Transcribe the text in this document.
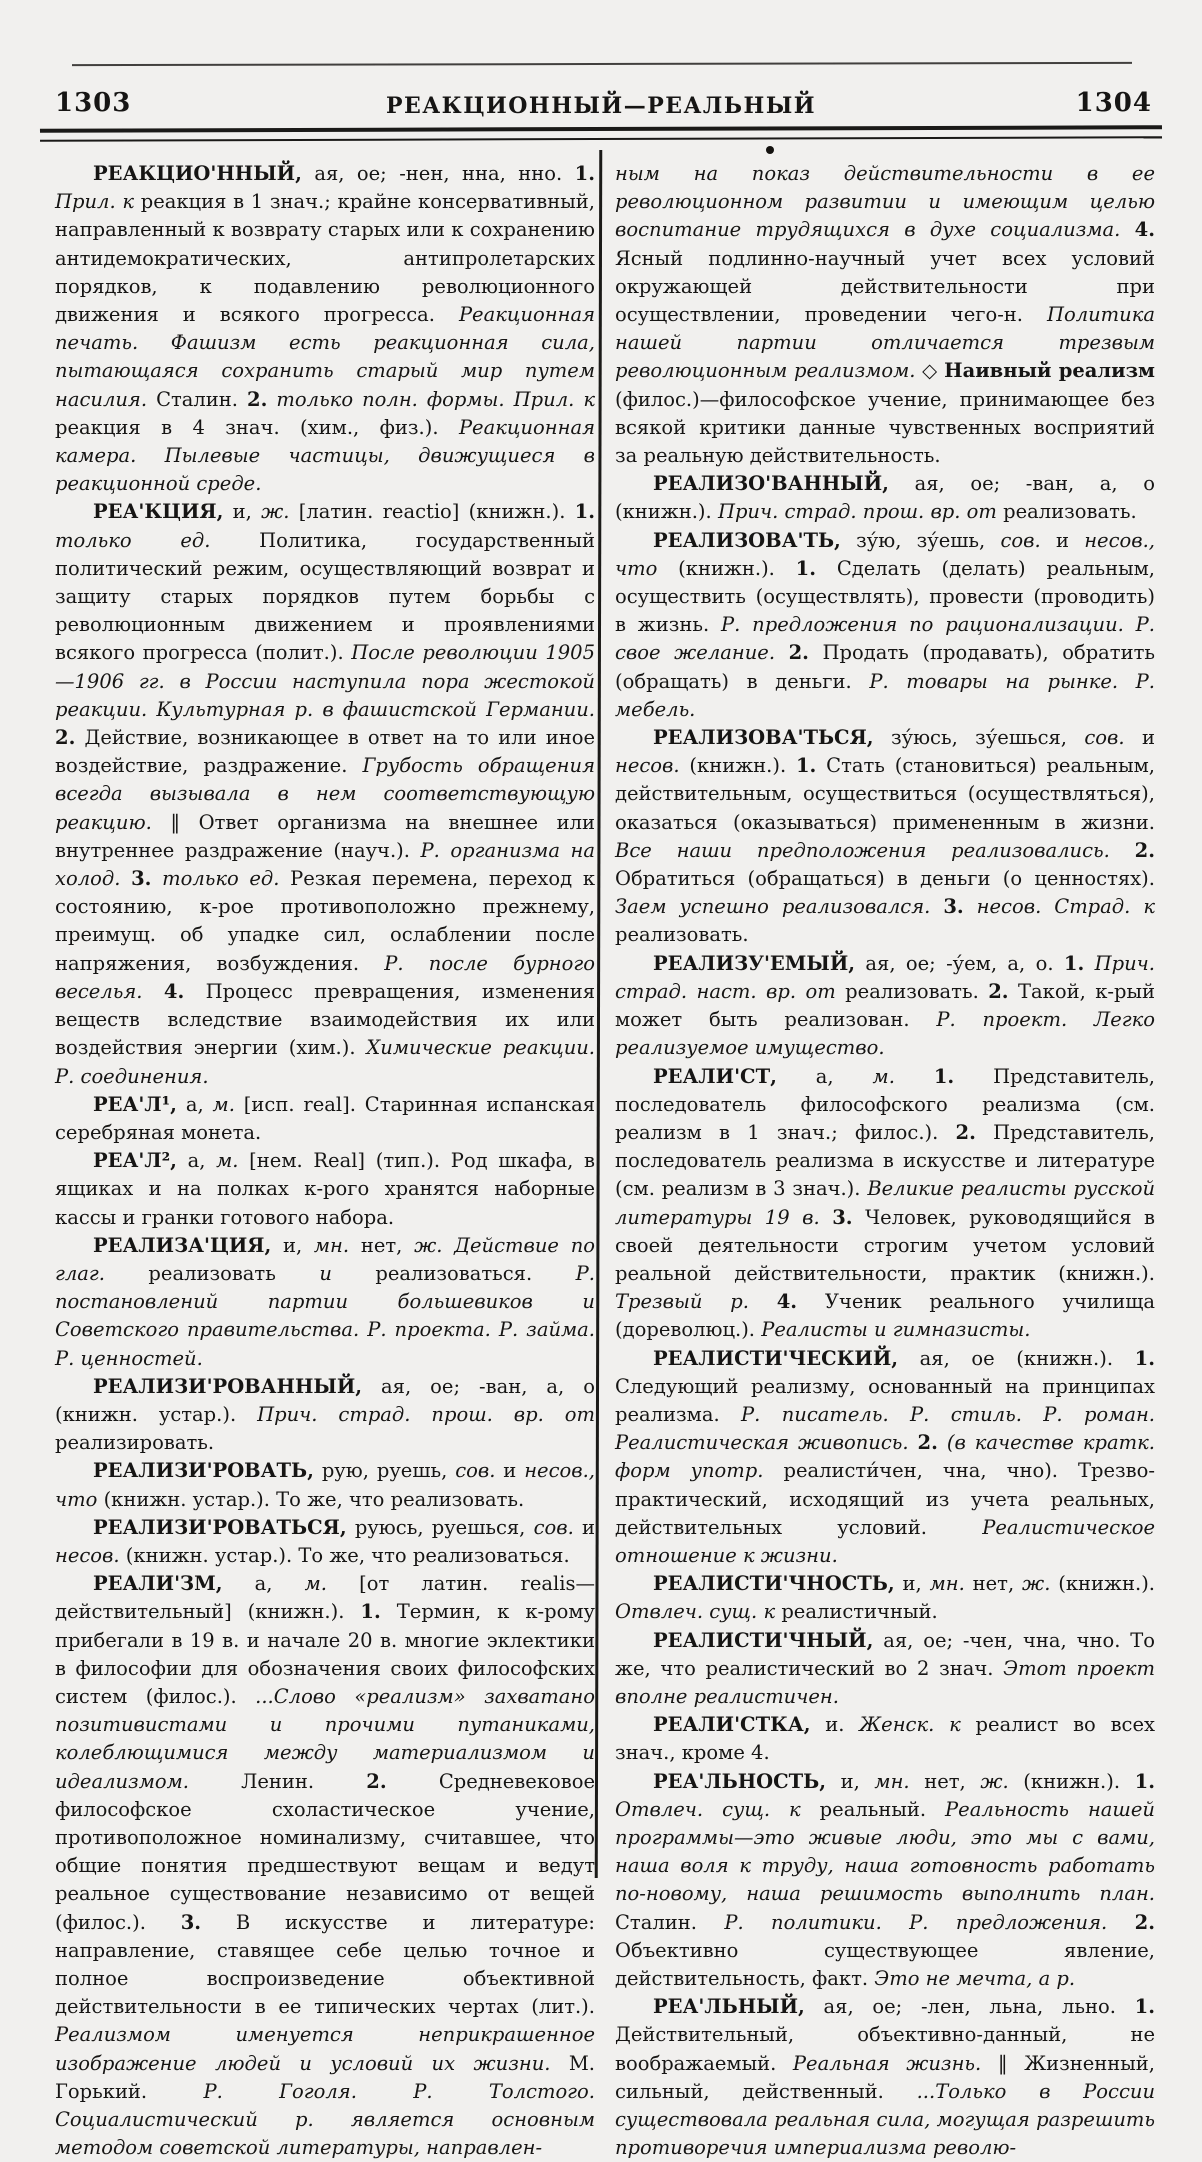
1303	РЕАКЦИОННЫЙ—РЕАЛЬНЫЙ	1304

РЕАКЦИО'ННЫЙ, ая, ое; -нен, нна, нно. 1. Прил. к реакция в 1 знач.; крайне консервативный, направленный к возврату старых или к сохранению антидемократических, антипролетарских порядков, к подавлению революционного движения и всякого прогресса. Реакционная печать. Фашизм есть реакционная сила, пытающаяся сохранить старый мир путем насилия. Сталин. 2. только полн. формы. Прил. к реакция в 4 знач. (хим., физ.). Реакционная камера. Пылевые частицы, движущиеся в реакционной среде.

РЕА'КЦИЯ, и, ж. [латин. reactio] (книжн.). 1. только ед. Политика, государственный политический режим, осуществляющий возврат и защиту старых порядков путем борьбы с революционным движением и проявлениями всякого прогресса (полит.). После революции 1905—1906 гг. в России наступила пора жестокой реакции. Культурная р. в фашистской Германии. 2. Действие, возникающее в ответ на то или иное воздействие, раздражение. Грубость обращения всегда вызывала в нем соответствующую реакцию. ‖ Ответ организма на внешнее или внутреннее раздражение (науч.). Р. организма на холод. 3. только ед. Резкая перемена, переход к состоянию, к-рое противоположно прежнему, преимущ. об упадке сил, ослаблении после напряжения, возбуждения. Р. после бурного веселья. 4. Процесс превращения, изменения веществ вследствие взаимодействия их или воздействия энергии (хим.). Химические реакции. Р. соединения.

РЕА'Л¹, а, м. [исп. real]. Старинная испанская серебряная монета.

РЕА'Л², а, м. [нем. Real] (тип.). Род шкафа, в ящиках и на полках к-рого хранятся наборные кассы и гранки готового набора.

РЕАЛИЗА'ЦИЯ, и, мн. нет, ж. Действие по глаг. реализовать и реализоваться. Р. постановлений партии большевиков и Советского правительства. Р. проекта. Р. займа. Р. ценностей.

РЕАЛИЗИ'РОВАННЫЙ, ая, ое; -ван, а, о (книжн. устар.). Прич. страд. прош. вр. от реализировать.

РЕАЛИЗИ'РОВАТЬ, рую, руешь, сов. и несов., что (книжн. устар.). То же, что реализовать.

РЕАЛИЗИ'РОВАТЬСЯ, руюсь, руешься, сов. и несов. (книжн. устар.). То же, что реализоваться.

РЕАЛИ'ЗМ, а, м. [от латин. realis—действительный] (книжн.). 1. Термин, к к-рому прибегали в 19 в. и начале 20 в. многие эклектики в философии для обозначения своих философских систем (филос.). ...Слово «реализм» захватано позитивистами и прочими путаниками, колеблющимися между материализмом и идеализмом. Ленин. 2. Средневековое философское схоластическое учение, противоположное номинализму, считавшее, что общие понятия предшествуют вещам и ведут реальное существование независимо от вещей (филос.). 3. В искусстве и литературе: направление, ставящее себе целью точное и полное воспроизведение объективной действительности в ее типических чертах (лит.). Реализмом именуется неприкрашенное изображение людей и условий их жизни. М. Горький. Р. Гоголя. Р. Толстого. Социалистический р. является основным методом советской литературы, направлен-

ным на показ действительности в ее революционном развитии и имеющим целью воспитание трудящихся в духе социализма. 4. Ясный подлинно-научный учет всех условий окружающей действительности при осуществлении, проведении чего-н. Политика нашей партии отличается трезвым революционным реализмом. ◇ Наивный реализм (филос.)—философское учение, принимающее без всякой критики данные чувственных восприятий за реальную действительность.

РЕАЛИЗО'ВАННЫЙ, ая, ое; -ван, а, о (книжн.). Прич. страд. прош. вр. от реализовать.

РЕАЛИЗОВА'ТЬ, зу́ю, зу́ешь, сов. и несов., что (книжн.). 1. Сделать (делать) реальным, осуществить (осуществлять), провести (проводить) в жизнь. Р. предложения по рационализации. Р. свое желание. 2. Продать (продавать), обратить (обращать) в деньги. Р. товары на рынке. Р. мебель.

РЕАЛИЗОВА'ТЬСЯ, зу́юсь, зу́ешься, сов. и несов. (книжн.). 1. Стать (становиться) реальным, действительным, осуществиться (осуществляться), оказаться (оказываться) примененным в жизни. Все наши предположения реализовались. 2. Обратиться (обращаться) в деньги (о ценностях). Заем успешно реализовался. 3. несов. Страд. к реализовать.

РЕАЛИЗУ'ЕМЫЙ, ая, ое; -у́ем, а, о. 1. Прич. страд. наст. вр. от реализовать. 2. Такой, к-рый может быть реализован. Р. проект. Легко реализуемое имущество.

РЕАЛИ'СТ, а, м. 1. Представитель, последователь философского реализма (см. реализм в 1 знач.; филос.). 2. Представитель, последователь реализма в искусстве и литературе (см. реализм в 3 знач.). Великие реалисты русской литературы 19 в. 3. Человек, руководящийся в своей деятельности строгим учетом условий реальной действительности, практик (книжн.). Трезвый р. 4. Ученик реального училища (дореволюц.). Реалисты и гимназисты.

РЕАЛИСТИ'ЧЕСКИЙ, ая, ое (книжн.). 1. Следующий реализму, основанный на принципах реализма. Р. писатель. Р. стиль. Р. роман. Реалистическая живопись. 2. (в качестве кратк. форм употр. реалисти́чен, чна, чно). Трезво-практический, исходящий из учета реальных, действительных условий. Реалистическое отношение к жизни.

РЕАЛИСТИ'ЧНОСТЬ, и, мн. нет, ж. (книжн.). Отвлеч. сущ. к реалистичный.

РЕАЛИСТИ'ЧНЫЙ, ая, ое; -чен, чна, чно. То же, что реалистический во 2 знач. Этот проект вполне реалистичен.

РЕАЛИ'СТКА, и. Женск. к реалист во всех знач., кроме 4.

РЕА'ЛЬНОСТЬ, и, мн. нет, ж. (книжн.). 1. Отвлеч. сущ. к реальный. Реальность нашей программы—это живые люди, это мы с вами, наша воля к труду, наша готовность работать по-новому, наша решимость выполнить план. Сталин. Р. политики. Р. предложения. 2. Объективно существующее явление, действительность, факт. Это не мечта, а р.

РЕА'ЛЬНЫЙ, ая, ое; -лен, льна, льно. 1. Действительный, объективно-данный, не воображаемый. Реальная жизнь. ‖ Жизненный, сильный, действенный. ...Только в России существовала реальная сила, могущая разрешить противоречия империализма револю-
